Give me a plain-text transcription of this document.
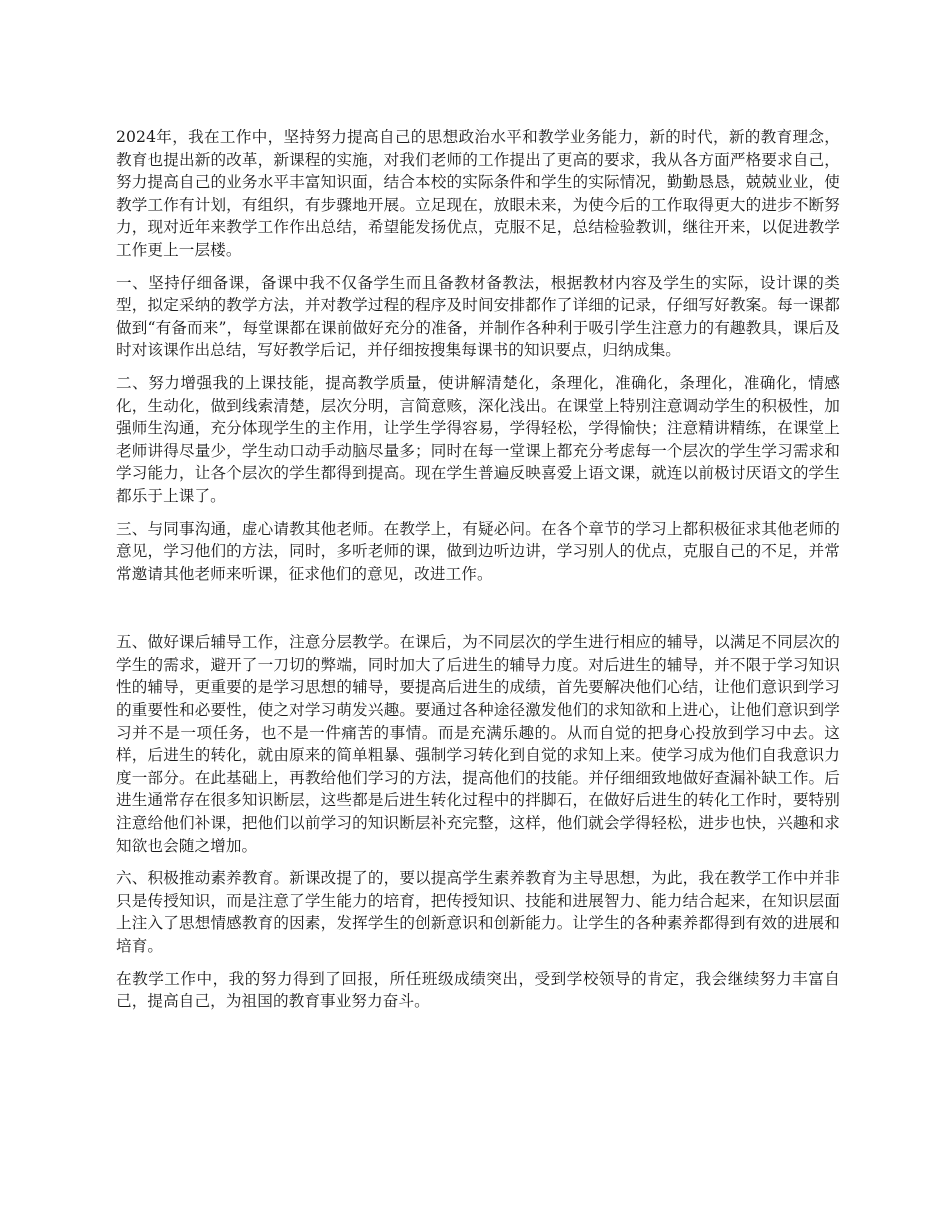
2024年，我在工作中，坚持努力提高自己的思想政治水平和教学业务能力，新的时代，新的教育理念，教育也提出新的改革，新课程的实施，对我们老师的工作提出了更高的要求，我从各方面严格要求自己，努力提高自己的业务水平丰富知识面，结合本校的实际条件和学生的实际情况，勤勤恳恳，兢兢业业，使教学工作有计划，有组织，有步骤地开展。立足现在，放眼未来，为使今后的工作取得更大的进步不断努力，现对近年来教学工作作出总结，希望能发扬优点，克服不足，总结检验教训，继往开来，以促进教学工作更上一层楼。

一、坚持仔细备课，备课中我不仅备学生而且备教材备教法，根据教材内容及学生的实际，设计课的类型，拟定采纳的教学方法，并对教学过程的程序及时间安排都作了详细的记录，仔细写好教案。每一课都做到“有备而来”，每堂课都在课前做好充分的准备，并制作各种利于吸引学生注意力的有趣教具，课后及时对该课作出总结，写好教学后记，并仔细按搜集每课书的知识要点，归纳成集。

二、努力增强我的上课技能，提高教学质量，使讲解清楚化，条理化，准确化，条理化，准确化，情感化，生动化，做到线索清楚，层次分明，言简意赅，深化浅出。在课堂上特别注意调动学生的积极性，加强师生沟通，充分体现学生的主作用，让学生学得容易，学得轻松，学得愉快；注意精讲精练，在课堂上老师讲得尽量少，学生动口动手动脑尽量多；同时在每一堂课上都充分考虑每一个层次的学生学习需求和学习能力，让各个层次的学生都得到提高。现在学生普遍反映喜爱上语文课，就连以前极讨厌语文的学生都乐于上课了。

三、与同事沟通，虚心请教其他老师。在教学上，有疑必问。在各个章节的学习上都积极征求其他老师的意见，学习他们的方法，同时，多听老师的课，做到边听边讲，学习别人的优点，克服自己的不足，并常常邀请其他老师来听课，征求他们的意见，改进工作。

五、做好课后辅导工作，注意分层教学。在课后，为不同层次的学生进行相应的辅导，以满足不同层次的学生的需求，避开了一刀切的弊端，同时加大了后进生的辅导力度。对后进生的辅导，并不限于学习知识性的辅导，更重要的是学习思想的辅导，要提高后进生的成绩，首先要解决他们心结，让他们意识到学习的重要性和必要性，使之对学习萌发兴趣。要通过各种途径激发他们的求知欲和上进心，让他们意识到学习并不是一项任务，也不是一件痛苦的事情。而是充满乐趣的。从而自觉的把身心投放到学习中去。这样，后进生的转化，就由原来的简单粗暴、强制学习转化到自觉的求知上来。使学习成为他们自我意识力度一部分。在此基础上，再教给他们学习的方法，提高他们的技能。并仔细细致地做好查漏补缺工作。后进生通常存在很多知识断层，这些都是后进生转化过程中的拌脚石，在做好后进生的转化工作时，要特别注意给他们补课，把他们以前学习的知识断层补充完整，这样，他们就会学得轻松，进步也快，兴趣和求知欲也会随之增加。

六、积极推动素养教育。新课改提了的，要以提高学生素养教育为主导思想，为此，我在教学工作中并非只是传授知识，而是注意了学生能力的培育，把传授知识、技能和进展智力、能力结合起来，在知识层面上注入了思想情感教育的因素，发挥学生的创新意识和创新能力。让学生的各种素养都得到有效的进展和培育。

在教学工作中，我的努力得到了回报，所任班级成绩突出，受到学校领导的肯定，我会继续努力丰富自己，提高自己，为祖国的教育事业努力奋斗。
